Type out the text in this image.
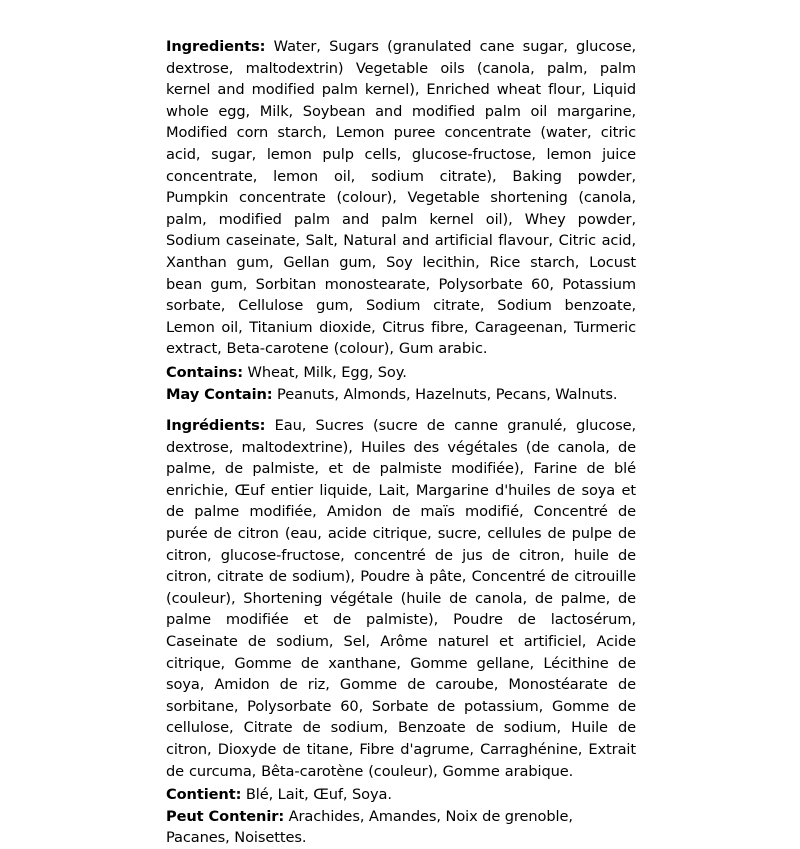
Ingredients: Water, Sugars (granulated cane sugar, glucose, dextrose, maltodextrin) Vegetable oils (canola, palm, palm kernel and modified palm kernel), Enriched wheat flour, Liquid whole egg, Milk, Soybean and modified palm oil margarine, Modified corn starch, Lemon puree concentrate (water, citric acid, sugar, lemon pulp cells, glucose-fructose, lemon juice concentrate, lemon oil, sodium citrate), Baking powder, Pumpkin concentrate (colour), Vegetable shortening (canola, palm, modified palm and palm kernel oil), Whey powder, Sodium caseinate, Salt, Natural and artificial flavour, Citric acid, Xanthan gum, Gellan gum, Soy lecithin, Rice starch, Locust bean gum, Sorbitan monostearate, Polysorbate 60, Potassium sorbate, Cellulose gum, Sodium citrate, Sodium benzoate, Lemon oil, Titanium dioxide, Citrus fibre, Carageenan, Turmeric extract, Beta-carotene (colour), Gum arabic.

Contains: Wheat, Milk, Egg, Soy.

May Contain: Peanuts, Almonds, Hazelnuts, Pecans, Walnuts.

Ingrédients: Eau, Sucres (sucre de canne granulé, glucose, dextrose, maltodextrine), Huiles des végétales (de canola, de palme, de palmiste, et de palmiste modifiée), Farine de blé enrichie, Œuf entier liquide, Lait, Margarine d'huiles de soya et de palme modifiée, Amidon de maïs modifié, Concentré de purée de citron (eau, acide citrique, sucre, cellules de pulpe de citron, glucose-fructose, concentré de jus de citron, huile de citron, citrate de sodium), Poudre à pâte, Concentré de citrouille (couleur), Shortening végétale (huile de canola, de palme, de palme modifiée et de palmiste), Poudre de lactosérum, Caseinate de sodium, Sel, Arôme naturel et artificiel, Acide citrique, Gomme de xanthane, Gomme gellane, Lécithine de soya, Amidon de riz, Gomme de caroube, Monostéarate de sorbitane, Polysorbate 60, Sorbate de potassium, Gomme de cellulose, Citrate de sodium, Benzoate de sodium, Huile de citron, Dioxyde de titane, Fibre d'agrume, Carraghénine, Extrait de curcuma, Bêta-carotène (couleur), Gomme arabique.

Contient: Blé, Lait, Œuf, Soya.

Peut Contenir: Arachides, Amandes, Noix de grenoble, Pacanes, Noisettes.
